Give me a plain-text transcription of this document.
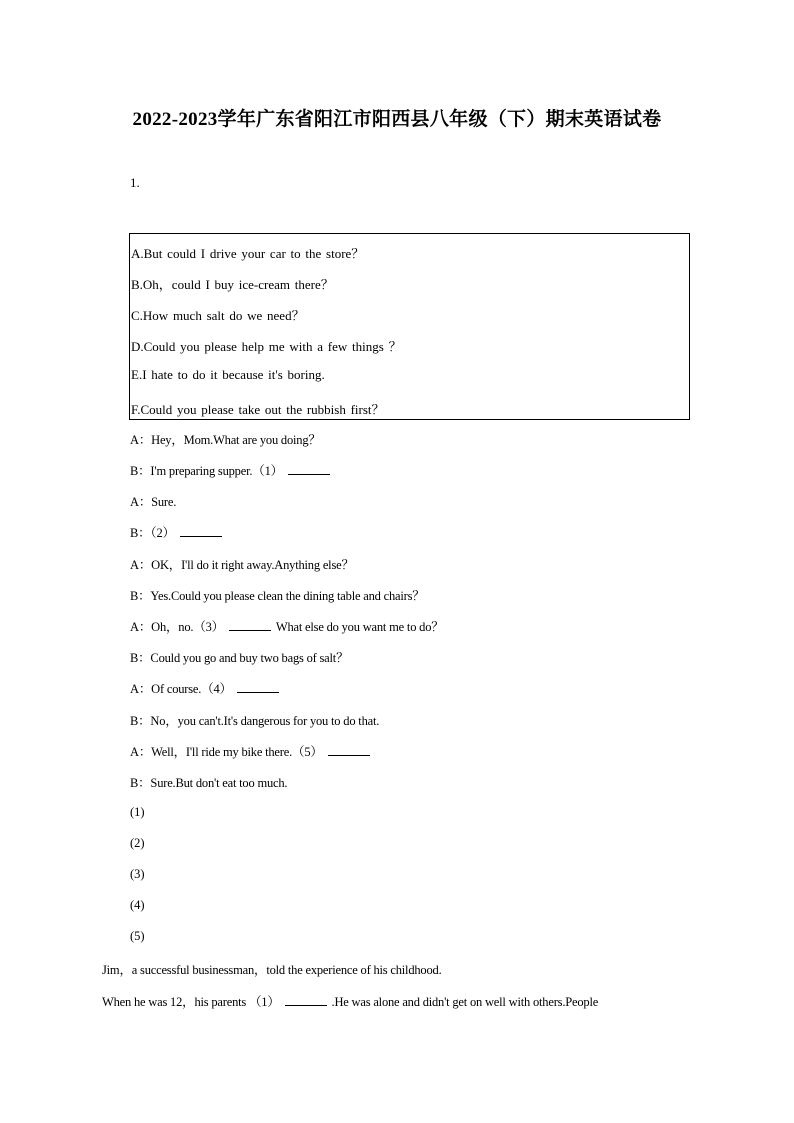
2022-2023学年广东省阳江市阳西县八年级（下）期末英语试卷
1.
A.But could I drive your car to the store？
B.Oh，could I buy ice-cream there？
C.How much salt do we need？
D.Could you please help me with a few things ？
E.I hate to do it because it's boring.
F.Could you please take out the rubbish first？
A：Hey，Mom.What are you doing？
B：I'm preparing supper.（1）
A：Sure.
B：（2）
A：OK，I'll do it right away.Anything else？
B：Yes.Could you please clean the dining table and chairs？
A：Oh，no.（3）	What else do you want me to do？
B：Could you go and buy two bags of salt？
A：Of course.（4）
B：No，you can't.It's dangerous for you to do that.
A：Well，I'll ride my bike there.（5）
B：Sure.But don't eat too much.
(1)
(2)
(3)
(4)
(5)
Jim，a successful businessman，told the experience of his childhood.
When he was 12，his parents （1）	.He was alone and didn't get on well with others.People
